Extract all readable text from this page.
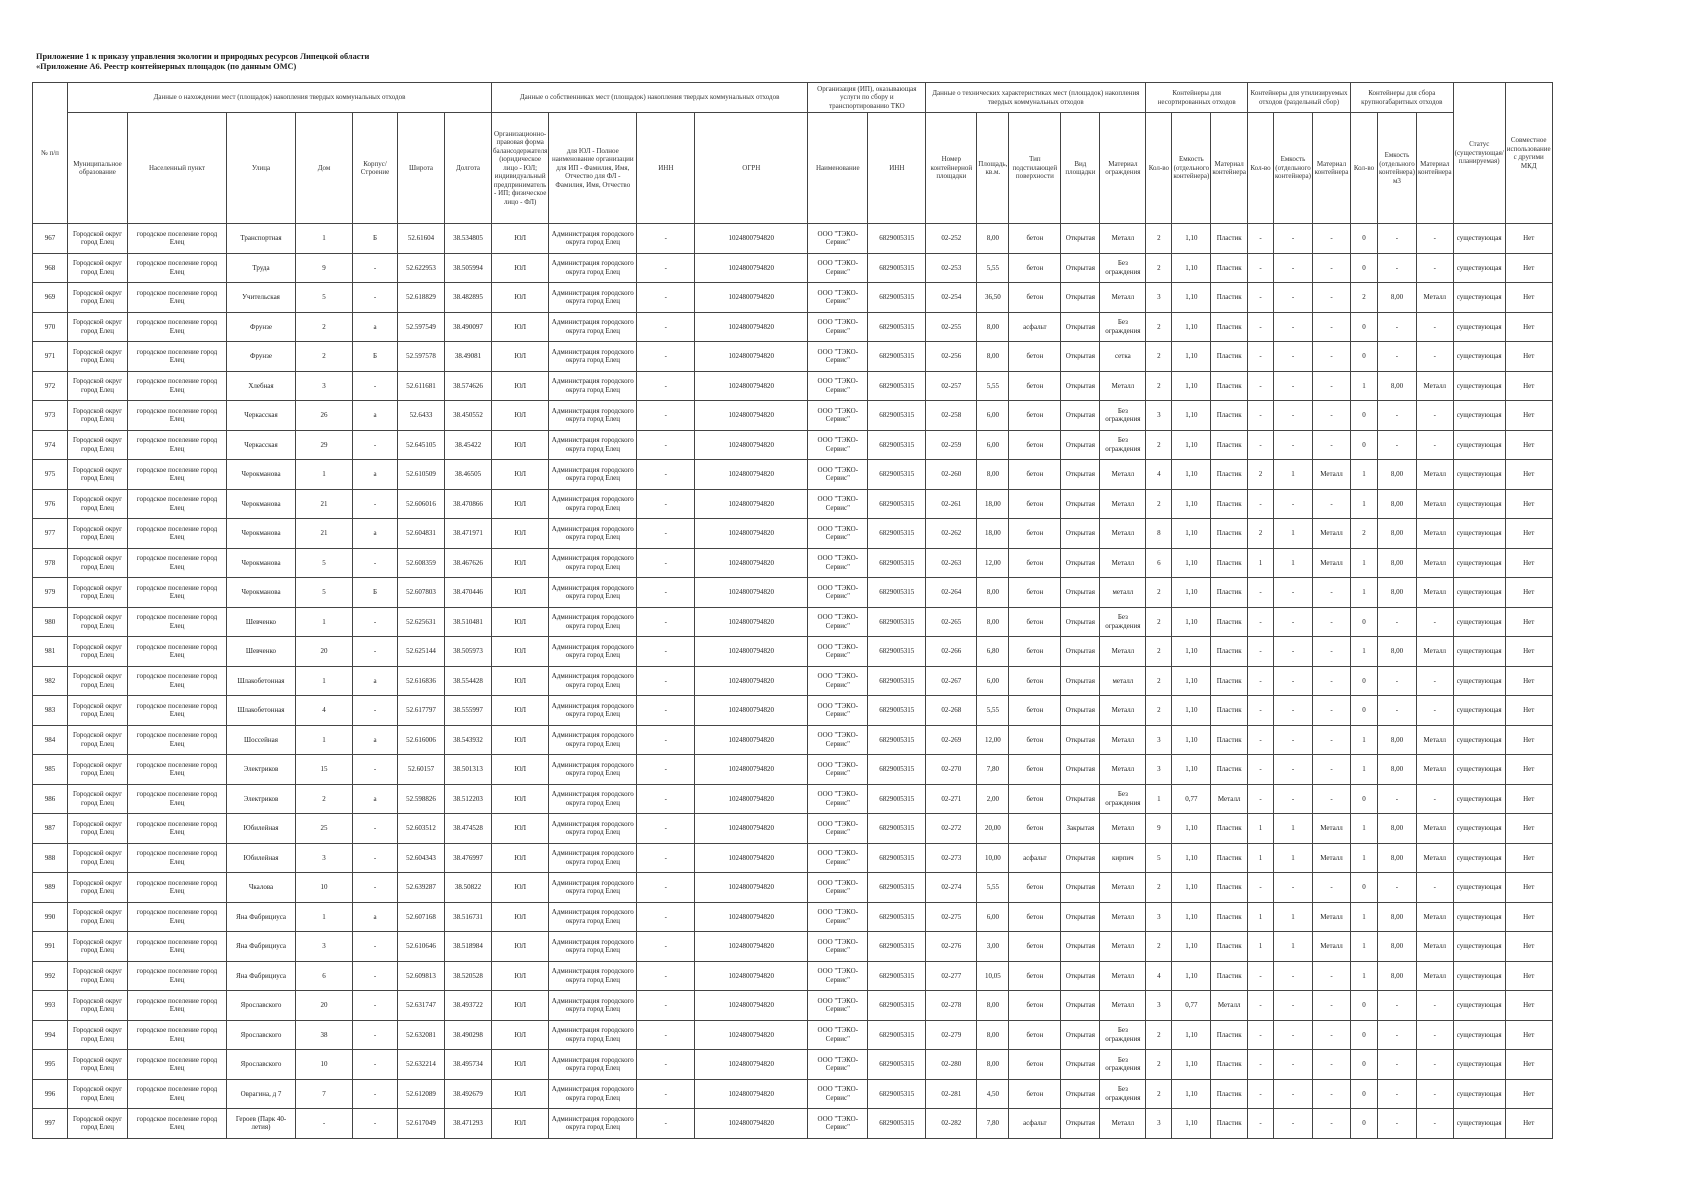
Приложение 1 к приказу управления экологии и природных ресурсов Липецкой области
«Приложение А6. Реестр контейнерных площадок (по данным ОМС)
№ п/п	Данные о нахождении мест (площадок) накопления твердых коммунальных отходов							Данные о собственниках мест (площадок) накопления твердых коммунальных отходов				Организация (ИП), оказывающая услуги по сбору и транспортированию ТКО		Данные о технических характеристиках мест (площадок) накопления твердых коммунальных отходов					Контейнеры для несортированных отходов			Контейнеры для утилизируемых отходов (раздельный сбор)			Контейнеры для сбора крупногабаритных отходов			Статус (существующая/планируемая)	Совместное использование с другими МКД
	Муниципальное образование	Населенный пункт	Улица	Дом	Корпус/Строение	Широта	Долгота	Организационно-правовая форма балансодержателя (юридическое лицо - ЮЛ; индивидуальный предприниматель - ИП; физическое лицо - ФЛ)	для ЮЛ - Полное наименование организации для ИП - Фамилия, Имя, Отчество для ФЛ - Фамилия, Имя, Отчество	ИНН	ОГРН	Наименование	ИНН	Номер контейнерной площадки	Площадь, кв.м.	Тип подстилающей поверхности	Вид площадки	Материал ограждения	Кол-во	Емкость (отдельного контейнера)	Материал контейнера	Кол-во	Емкость (отдельного контейнера)	Материал контейнера	Кол-во	Емкость (отдельного контейнера) м3	Материал контейнера		
967	Городской округ город Елец	городское поселение город Елец	Транспортная	1	Б	52.61604	38.534805	ЮЛ	Администрация городского округа город Елец	-	1024800794820	ООО "ТЭКО-Сервис"	6829005315	02-252	8,00	бетон	Открытая	Металл	2	1,10	Пластик	-	-	-	0	-	-	существующая	Нет
968	Городской округ город Елец	городское поселение город Елец	Труда	9	-	52.622953	38.505994	ЮЛ	Администрация городского округа город Елец	-	1024800794820	ООО "ТЭКО-Сервис"	6829005315	02-253	5,55	бетон	Открытая	Без ограждения	2	1,10	Пластик	-	-	-	0	-	-	существующая	Нет
969	Городской округ город Елец	городское поселение город Елец	Учительская	5	-	52.618829	38.482895	ЮЛ	Администрация городского округа город Елец	-	1024800794820	ООО "ТЭКО-Сервис"	6829005315	02-254	36,50	бетон	Открытая	Металл	3	1,10	Пластик	-	-	-	2	8,00	Металл	существующая	Нет
970	Городской округ город Елец	городское поселение город Елец	Фрунзе	2	а	52.597549	38.490097	ЮЛ	Администрация городского округа город Елец	-	1024800794820	ООО "ТЭКО-Сервис"	6829005315	02-255	8,00	асфальт	Открытая	Без ограждения	2	1,10	Пластик	-	-	-	0	-	-	существующая	Нет
971	Городской округ город Елец	городское поселение город Елец	Фрунзе	2	Б	52.597578	38.49081	ЮЛ	Администрация городского округа город Елец	-	1024800794820	ООО "ТЭКО-Сервис"	6829005315	02-256	8,00	бетон	Открытая	сетка	2	1,10	Пластик	-	-	-	0	-	-	существующая	Нет
972	Городской округ город Елец	городское поселение город Елец	Хлебная	3	-	52.611681	38.574626	ЮЛ	Администрация городского округа город Елец	-	1024800794820	ООО "ТЭКО-Сервис"	6829005315	02-257	5,55	бетон	Открытая	Металл	2	1,10	Пластик	-	-	-	1	8,00	Металл	существующая	Нет
973	Городской округ город Елец	городское поселение город Елец	Черкасская	26	а	52.6433	38.450552	ЮЛ	Администрация городского округа город Елец	-	1024800794820	ООО "ТЭКО-Сервис"	6829005315	02-258	6,00	бетон	Открытая	Без ограждения	3	1,10	Пластик	-	-	-	0	-	-	существующая	Нет
974	Городской округ город Елец	городское поселение город Елец	Черкасская	29	-	52.645105	38.45422	ЮЛ	Администрация городского округа город Елец	-	1024800794820	ООО "ТЭКО-Сервис"	6829005315	02-259	6,00	бетон	Открытая	Без ограждения	2	1,10	Пластик	-	-	-	0	-	-	существующая	Нет
975	Городской округ город Елец	городское поселение город Елец	Черокманова	1	а	52.610509	38.46505	ЮЛ	Администрация городского округа город Елец	-	1024800794820	ООО "ТЭКО-Сервис"	6829005315	02-260	8,00	бетон	Открытая	Металл	4	1,10	Пластик	2	1	Металл	1	8,00	Металл	существующая	Нет
976	Городской округ город Елец	городское поселение город Елец	Черокманова	21	-	52.606016	38.470866	ЮЛ	Администрация городского округа город Елец	-	1024800794820	ООО "ТЭКО-Сервис"	6829005315	02-261	18,00	бетон	Открытая	Металл	2	1,10	Пластик	-	-	-	1	8,00	Металл	существующая	Нет
977	Городской округ город Елец	городское поселение город Елец	Черокманова	21	а	52.604831	38.471971	ЮЛ	Администрация городского округа город Елец	-	1024800794820	ООО "ТЭКО-Сервис"	6829005315	02-262	18,00	бетон	Открытая	Металл	8	1,10	Пластик	2	1	Металл	2	8,00	Металл	существующая	Нет
978	Городской округ город Елец	городское поселение город Елец	Черокманова	5	-	52.608359	38.467626	ЮЛ	Администрация городского округа город Елец	-	1024800794820	ООО "ТЭКО-Сервис"	6829005315	02-263	12,00	бетон	Открытая	Металл	6	1,10	Пластик	1	1	Металл	1	8,00	Металл	существующая	Нет
979	Городской округ город Елец	городское поселение город Елец	Черокманова	5	Б	52.607803	38.470446	ЮЛ	Администрация городского округа город Елец	-	1024800794820	ООО "ТЭКО-Сервис"	6829005315	02-264	8,00	бетон	Открытая	металл	2	1,10	Пластик	-	-	-	1	8,00	Металл	существующая	Нет
980	Городской округ город Елец	городское поселение город Елец	Шевченко	1	-	52.625631	38.510481	ЮЛ	Администрация городского округа город Елец	-	1024800794820	ООО "ТЭКО-Сервис"	6829005315	02-265	8,00	бетон	Открытая	Без ограждения	2	1,10	Пластик	-	-	-	0	-	-	существующая	Нет
981	Городской округ город Елец	городское поселение город Елец	Шевченко	20	-	52.625144	38.505973	ЮЛ	Администрация городского округа город Елец	-	1024800794820	ООО "ТЭКО-Сервис"	6829005315	02-266	6,80	бетон	Открытая	Металл	2	1,10	Пластик	-	-	-	1	8,00	Металл	существующая	Нет
982	Городской округ город Елец	городское поселение город Елец	Шлакобетонная	1	а	52.616836	38.554428	ЮЛ	Администрация городского округа город Елец	-	1024800794820	ООО "ТЭКО-Сервис"	6829005315	02-267	6,00	бетон	Открытая	металл	2	1,10	Пластик	-	-	-	0	-	-	существующая	Нет
983	Городской округ город Елец	городское поселение город Елец	Шлакобетонная	4	-	52.617797	38.555997	ЮЛ	Администрация городского округа город Елец	-	1024800794820	ООО "ТЭКО-Сервис"	6829005315	02-268	5,55	бетон	Открытая	Металл	2	1,10	Пластик	-	-	-	0	-	-	существующая	Нет
984	Городской округ город Елец	городское поселение город Елец	Шоссейная	1	а	52.616006	38.543932	ЮЛ	Администрация городского округа город Елец	-	1024800794820	ООО "ТЭКО-Сервис"	6829005315	02-269	12,00	бетон	Открытая	Металл	3	1,10	Пластик	-	-	-	1	8,00	Металл	существующая	Нет
985	Городской округ город Елец	городское поселение город Елец	Электриков	15	-	52.60157	38.501313	ЮЛ	Администрация городского округа город Елец	-	1024800794820	ООО "ТЭКО-Сервис"	6829005315	02-270	7,80	бетон	Открытая	Металл	3	1,10	Пластик	-	-	-	1	8,00	Металл	существующая	Нет
986	Городской округ город Елец	городское поселение город Елец	Электриков	2	а	52.598826	38.512203	ЮЛ	Администрация городского округа город Елец	-	1024800794820	ООО "ТЭКО-Сервис"	6829005315	02-271	2,00	бетон	Открытая	Без ограждения	1	0,77	Металл	-	-	-	0	-	-	существующая	Нет
987	Городской округ город Елец	городское поселение город Елец	Юбилейная	25	-	52.603512	38.474528	ЮЛ	Администрация городского округа город Елец	-	1024800794820	ООО "ТЭКО-Сервис"	6829005315	02-272	20,00	бетон	Закрытая	Металл	9	1,10	Пластик	1	1	Металл	1	8,00	Металл	существующая	Нет
988	Городской округ город Елец	городское поселение город Елец	Юбилейная	3	-	52.604343	38.476997	ЮЛ	Администрация городского округа город Елец	-	1024800794820	ООО "ТЭКО-Сервис"	6829005315	02-273	10,00	асфальт	Открытая	кирпич	5	1,10	Пластик	1	1	Металл	1	8,00	Металл	существующая	Нет
989	Городской округ город Елец	городское поселение город Елец	Чкалова	10	-	52.639287	38.50822	ЮЛ	Администрация городского округа город Елец	-	1024800794820	ООО "ТЭКО-Сервис"	6829005315	02-274	5,55	бетон	Открытая	Металл	2	1,10	Пластик	-	-	-	0	-	-	существующая	Нет
990	Городской округ город Елец	городское поселение город Елец	Яна Фабрициуса	1	а	52.607168	38.516731	ЮЛ	Администрация городского округа город Елец	-	1024800794820	ООО "ТЭКО-Сервис"	6829005315	02-275	6,00	бетон	Открытая	Металл	3	1,10	Пластик	1	1	Металл	1	8,00	Металл	существующая	Нет
991	Городской округ город Елец	городское поселение город Елец	Яна Фабрициуса	3	-	52.610646	38.518984	ЮЛ	Администрация городского округа город Елец	-	1024800794820	ООО "ТЭКО-Сервис"	6829005315	02-276	3,00	бетон	Открытая	Металл	2	1,10	Пластик	1	1	Металл	1	8,00	Металл	существующая	Нет
992	Городской округ город Елец	городское поселение город Елец	Яна Фабрициуса	6	-	52.609813	38.520528	ЮЛ	Администрация городского округа город Елец	-	1024800794820	ООО "ТЭКО-Сервис"	6829005315	02-277	10,05	бетон	Открытая	Металл	4	1,10	Пластик	-	-	-	1	8,00	Металл	существующая	Нет
993	Городской округ город Елец	городское поселение город Елец	Ярославского	20	-	52.631747	38.493722	ЮЛ	Администрация городского округа город Елец	-	1024800794820	ООО "ТЭКО-Сервис"	6829005315	02-278	8,00	бетон	Открытая	Металл	3	0,77	Металл	-	-	-	0	-	-	существующая	Нет
994	Городской округ город Елец	городское поселение город Елец	Ярославского	38	-	52.632081	38.490298	ЮЛ	Администрация городского округа город Елец	-	1024800794820	ООО "ТЭКО-Сервис"	6829005315	02-279	8,00	бетон	Открытая	Без ограждения	2	1,10	Пластик	-	-	-	0	-	-	существующая	Нет
995	Городской округ город Елец	городское поселение город Елец	Ярославского	10	-	52.632214	38.495734	ЮЛ	Администрация городского округа город Елец	-	1024800794820	ООО "ТЭКО-Сервис"	6829005315	02-280	8,00	бетон	Открытая	Без ограждения	2	1,10	Пластик	-	-	-	0	-	-	существующая	Нет
996	Городской округ город Елец	городское поселение город Елец	Оврагина, д 7	7	-	52.612089	38.492679	ЮЛ	Администрация городского округа город Елец	-	1024800794820	ООО "ТЭКО-Сервис"	6829005315	02-281	4,50	бетон	Открытая	Без ограждения	2	1,10	Пластик	-	-	-	0	-	-	существующая	Нет
997	Городской округ город Елец	городское поселение город Елец	Героев (Парк 40-летия)	-	-	52.617049	38.471293	ЮЛ	Администрация городского округа город Елец	-	1024800794820	ООО "ТЭКО-Сервис"	6829005315	02-282	7,80	асфальт	Открытая	Металл	3	1,10	Пластик	-	-	-	0	-	-	существующая	Нет
